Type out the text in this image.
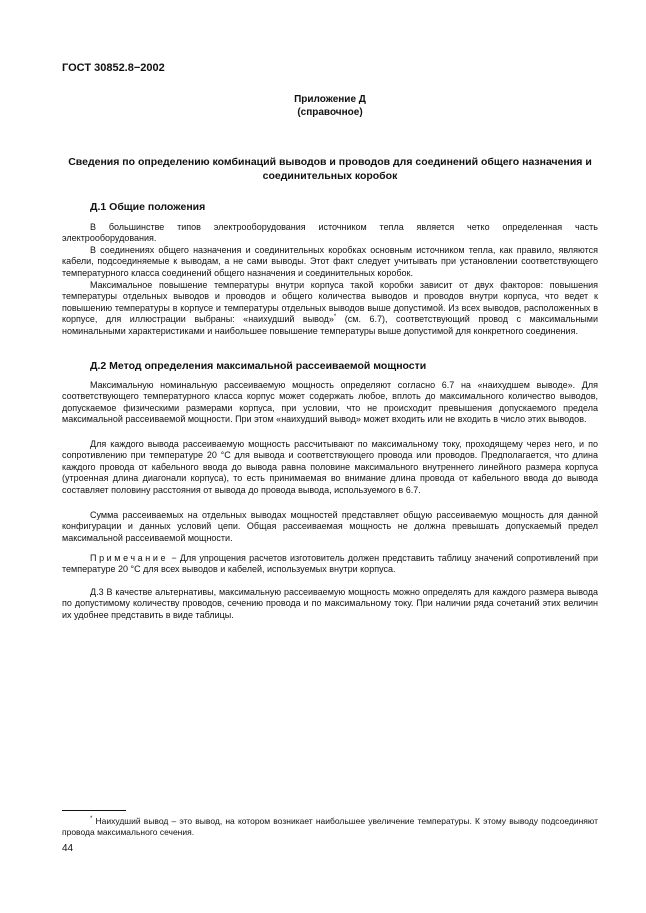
ГОСТ 30852.8−2002
Приложение Д
(справочное)
Сведения по определению комбинаций выводов и проводов для соединений общего назначения и соединительных коробок
Д.1 Общие положения

В большинстве типов электрооборудования источником тепла является четко определенная часть электрооборудования.

В соединениях общего назначения и соединительных коробках основным источником тепла, как правило, являются кабели, подсоединяемые к выводам, а не сами выводы. Этот факт следует учитывать при установлении соответствующего температурного класса соединений общего назначения и соединительных коробок.

Максимальное повышение температуры внутри корпуса такой коробки зависит от двух факторов: повышения температуры отдельных выводов и проводов и общего количества выводов и проводов внутри корпуса, что ведет к повышению температуры в корпусе и температуры отдельных выводов выше допустимой. Из всех выводов, расположенных в корпусе, для иллюстрации выбраны: «наихудший вывод»* (см. 6.7), соответствующий провод с максимальными номинальными характеристиками и наибольшее повышение температуры выше допустимой для конкретного соединения.

Д.2 Метод определения максимальной рассеиваемой мощности

Максимальную номинальную рассеиваемую мощность определяют согласно 6.7 на «наихудшем выводе». Для соответствующего температурного класса корпус может содержать любое, вплоть до максимального количество выводов, допускаемое физическими размерами корпуса, при условии, что не происходит превышения допускаемого предела максимальной рассеиваемой мощности. При этом «наихудший вывод» может входить или не входить в число этих выводов.

Для каждого вывода рассеиваемую мощность рассчитывают по максимальному току, проходящему через него, и по сопротивлению при температуре 20 °С для вывода и соответствующего провода или проводов. Предполагается, что длина каждого провода от кабельного ввода до вывода равна половине максимального внутреннего линейного размера корпуса (утроенная длина диагонали корпуса), то есть принимаемая во внимание длина провода от кабельного ввода до вывода составляет половину расстояния от вывода до провода вывода, используемого в 6.7.

Сумма рассеиваемых на отдельных выводах мощностей представляет общую рассеиваемую мощность для данной конфигурации и данных условий цепи. Общая рассеиваемая мощность не должна превышать допускаемый предел максимальной рассеиваемой мощности.

Примечание − Для упрощения расчетов изготовитель должен представить таблицу значений сопротивлений при температуре 20 °С для всех выводов и кабелей, используемых внутри корпуса.

Д.3 В качестве альтернативы, максимальную рассеиваемую мощность можно определять для каждого размера вывода по допустимому количеству проводов, сечению провода и по максимальному току. При наличии ряда сочетаний этих величин их удобнее представить в виде таблицы.

* Наихудший вывод – это вывод, на котором возникает наибольшее увеличение температуры. К этому выводу подсоединяют провода максимального сечения.

44
